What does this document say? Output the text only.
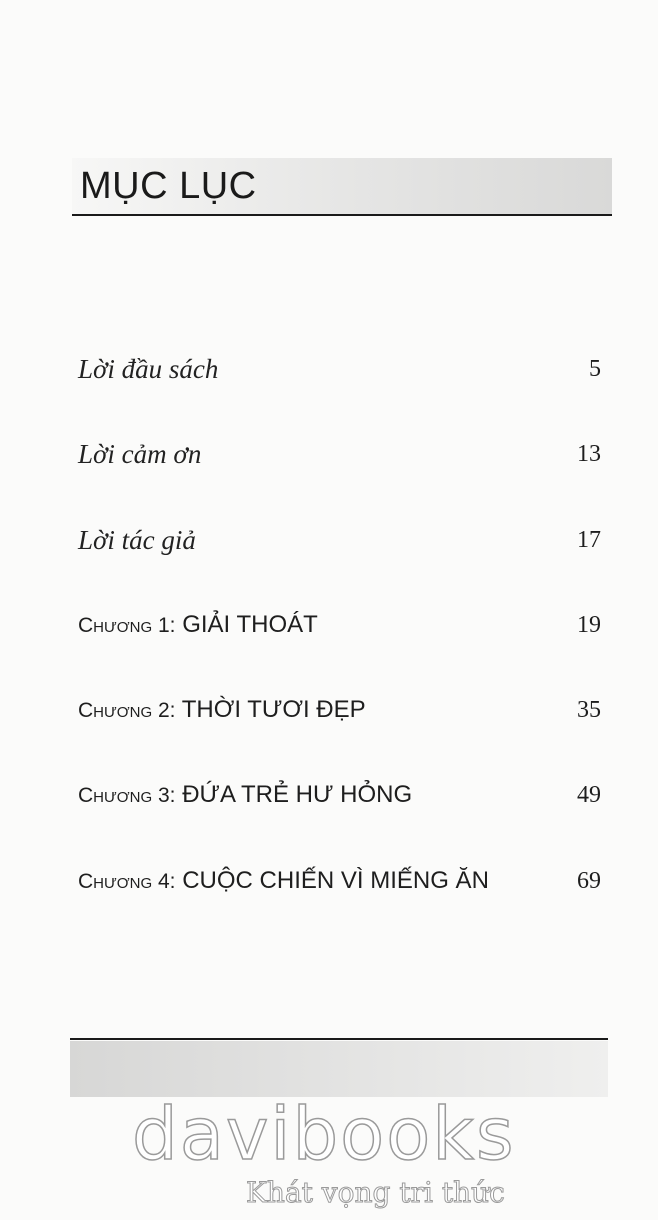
MỤC LỤC
Lời đầu sách	5
Lời cảm ơn	13
Lời tác giả	17
Chương 1: GIẢI THOÁT	19
Chương 2: THỜI TƯƠI ĐẸP	35
Chương 3: ĐỨA TRẺ HƯ HỎNG	49
Chương 4: CUỘC CHIẾN VÌ MIẾNG ĂN	69
davibooks
Khát vọng tri thức
